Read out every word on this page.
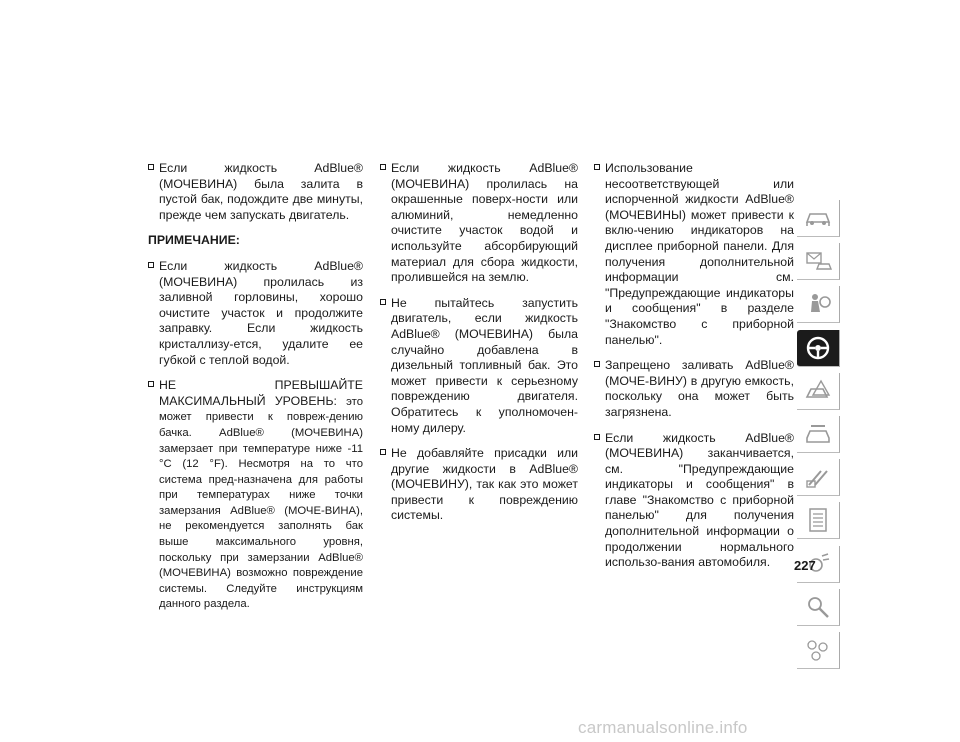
Если жидкость AdBlue® (МОЧЕВИНА) была залита в пустой бак, подождите две минуты, прежде чем запускать двигатель.
ПРИМЕЧАНИЕ:
Если жидкость AdBlue® (МОЧЕВИНА) пролилась из заливной горловины, хорошо очистите участок и продолжите заправку. Если жидкость кристаллизу-ется, удалите ее губкой с теплой водой.
НЕ ПРЕВЫШАЙТЕ МАКСИМАЛЬНЫЙ УРОВЕНЬ: это может привести к повреж-дению бачка. AdBlue® (МОЧЕВИНА) замерзает при температуре ниже -11 °C (12 °F). Несмотря на то что система пред-назначена для работы при температурах ниже точки замерзания AdBlue® (МОЧЕ-ВИНА), не рекомендуется заполнять бак выше максимального уровня, поскольку при замерзании AdBlue® (МОЧЕВИНА) возможно повреждение системы. Следуйте инструкциям данного раздела.
Если жидкость AdBlue® (МОЧЕВИНА) пролилась на окрашенные поверх-ности или алюминий, немедленно очистите участок водой и используйте абсорбирующий материал для сбора жидкости, пролившейся на землю.
Не пытайтесь запустить двигатель, если жидкость AdBlue® (МОЧЕВИНА) была случайно добавлена в дизельный топливный бак. Это может привести к серьезному повреждению двигателя. Обратитесь к уполномочен-ному дилеру.
Не добавляйте присадки или другие жидкости в AdBlue® (МОЧЕВИНУ), так как это может привести к повреждению системы.
Использование несоответствующей или испорченной жидкости AdBlue® (МОЧЕВИНЫ) может привести к вклю-чению индикаторов на дисплее приборной панели. Для получения дополнительной информации см. "Предупреждающие индикаторы и сообщения" в разделе "Знакомство с приборной панелью".
Запрещено заливать AdBlue® (МОЧЕ-ВИНУ) в другую емкость, поскольку она может быть загрязнена.
Если жидкость AdBlue® (МОЧЕВИНА) заканчивается, см. "Предупреждающие индикаторы и сообщения" в главе "Знакомство с приборной панелью" для получения дополнительной информации о продолжении нормального использо-вания автомобиля.	227
carmanualsonline.info
